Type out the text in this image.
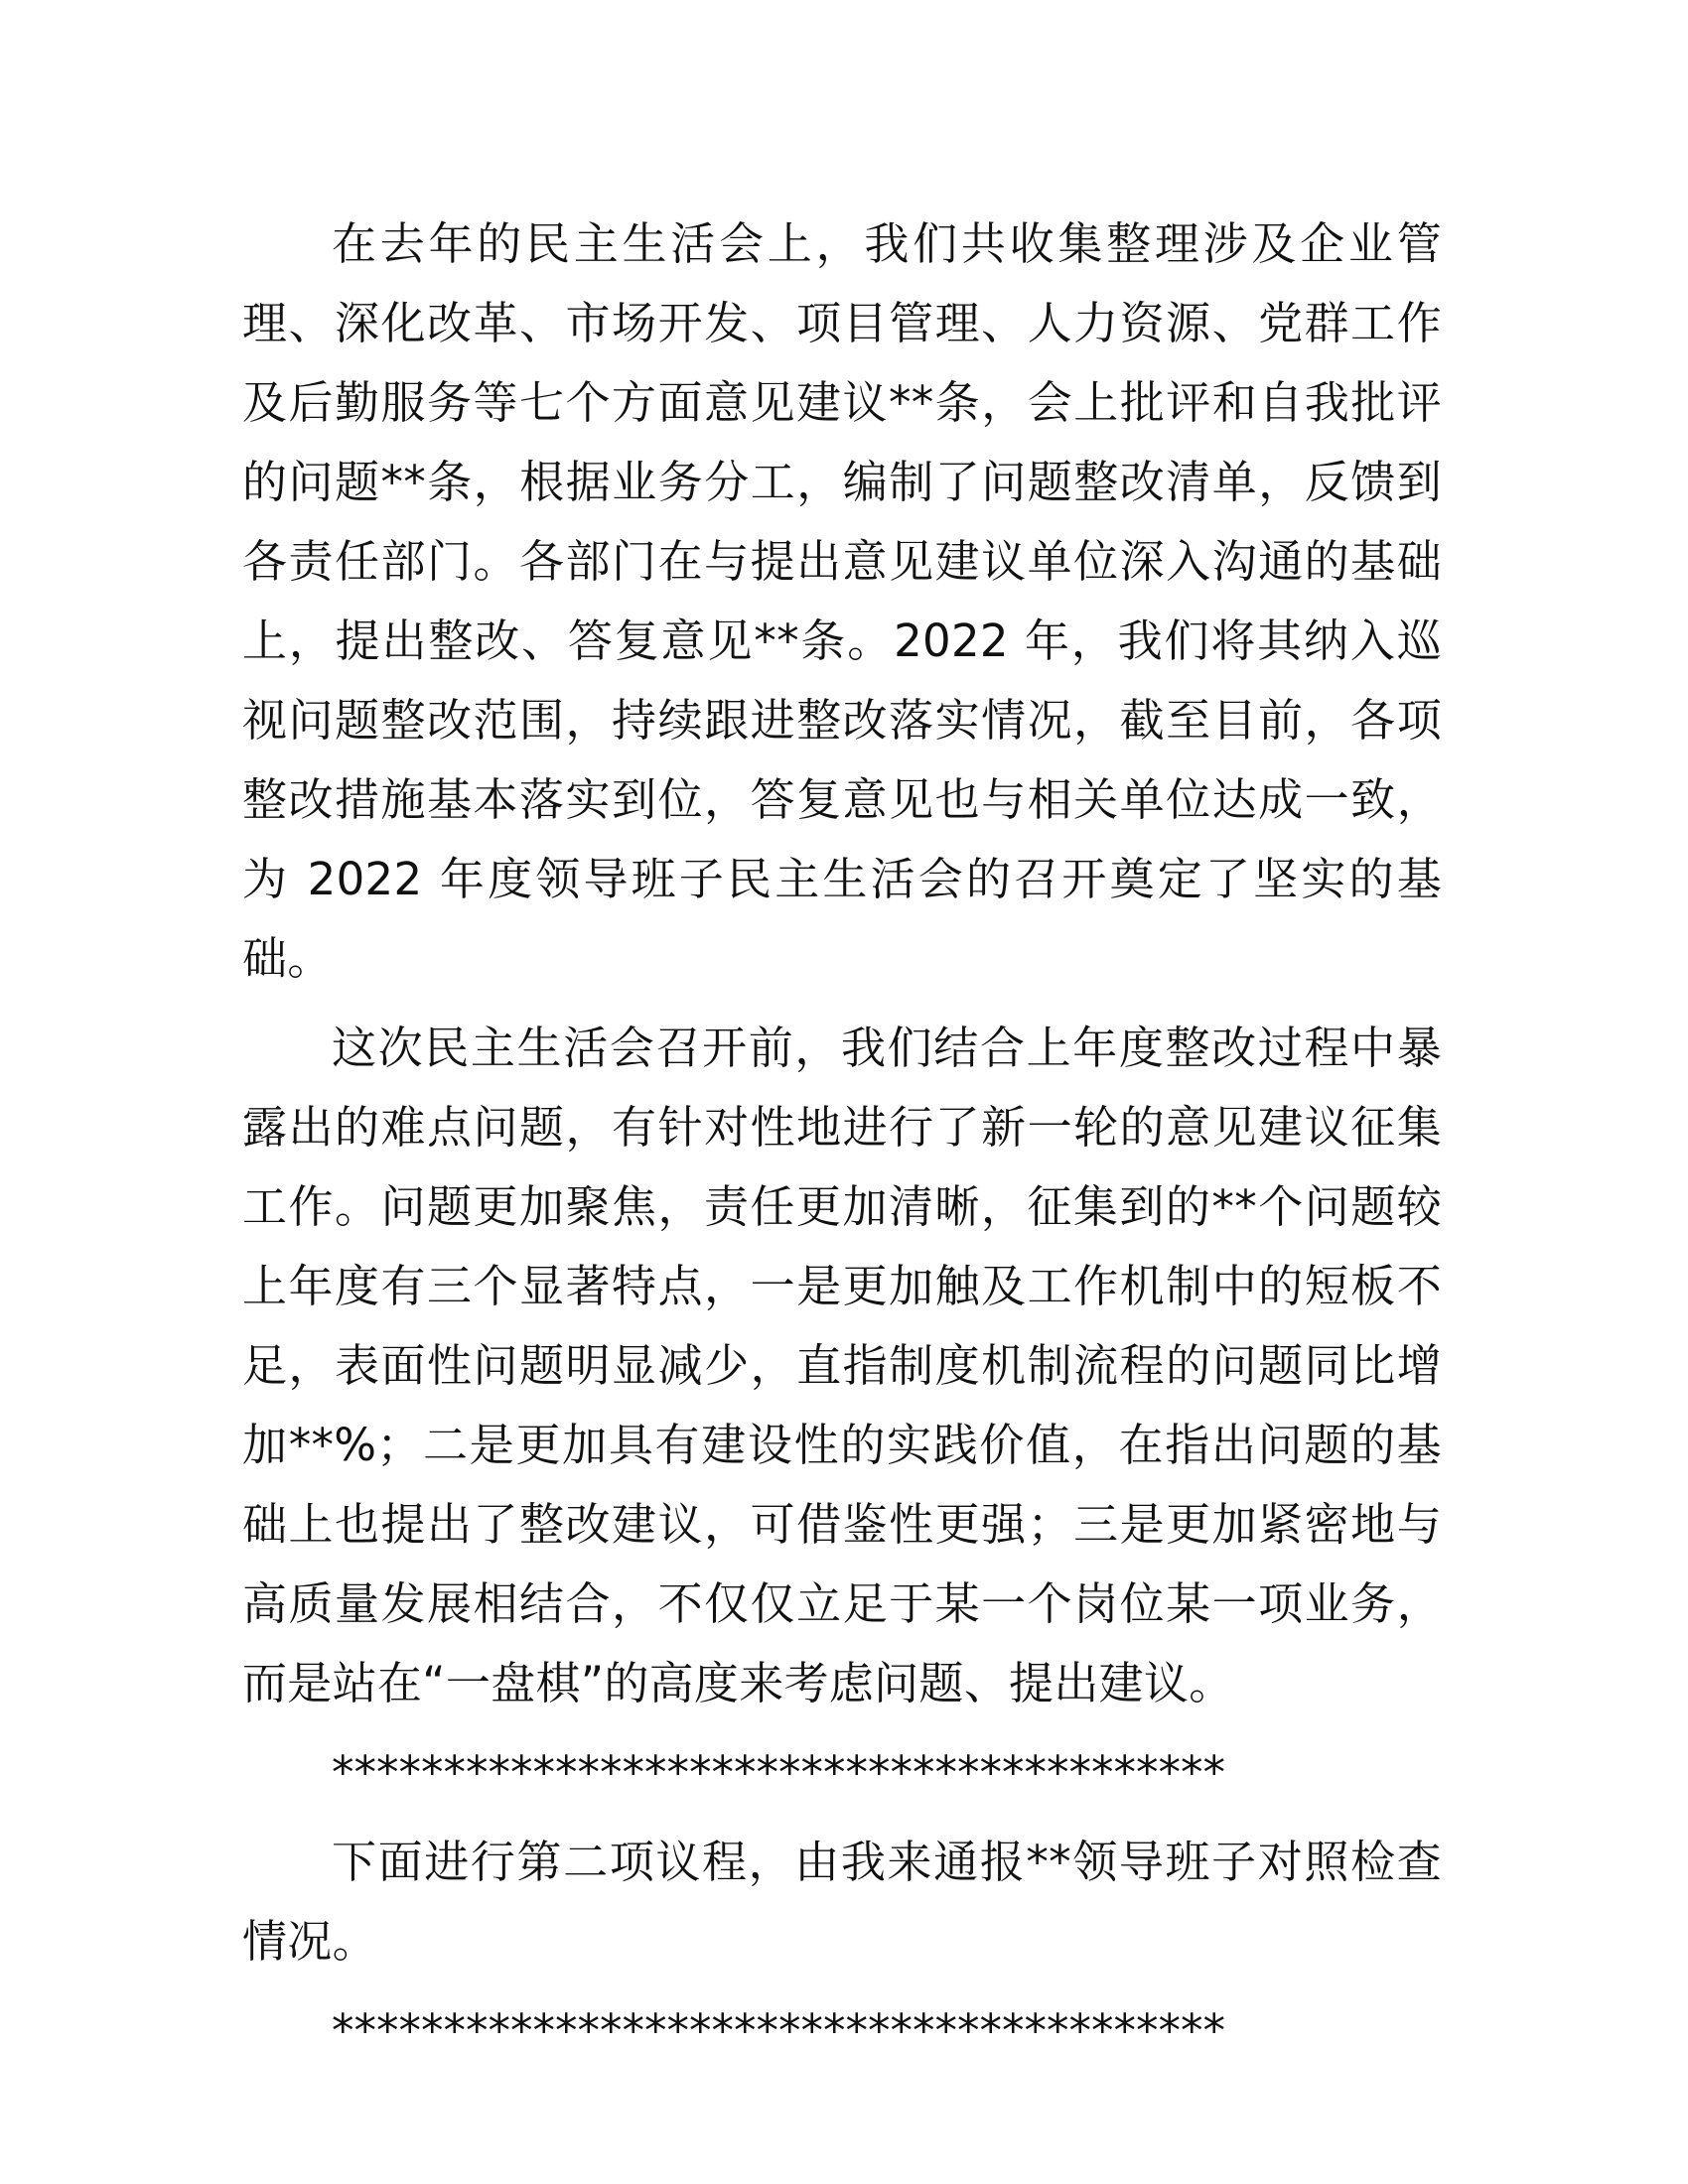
在去年的民主生活会上，我们共收集整理涉及企业管理、深化改革、市场开发、项目管理、人力资源、党群工作及后勤服务等七个方面意见建议**条，会上批评和自我批评的问题**条，根据业务分工，编制了问题整改清单，反馈到各责任部门。各部门在与提出意见建议单位深入沟通的基础上，提出整改、答复意见**条。2022 年，我们将其纳入巡视问题整改范围，持续跟进整改落实情况，截至目前，各项整改措施基本落实到位，答复意见也与相关单位达成一致，为 2022 年度领导班子民主生活会的召开奠定了坚实的基础。

这次民主生活会召开前，我们结合上年度整改过程中暴露出的难点问题，有针对性地进行了新一轮的意见建议征集工作。问题更加聚焦，责任更加清晰，征集到的**个问题较上年度有三个显著特点，一是更加触及工作机制中的短板不足，表面性问题明显减少，直指制度机制流程的问题同比增加**%；二是更加具有建设性的实践价值，在指出问题的基础上也提出了整改建议，可借鉴性更强；三是更加紧密地与高质量发展相结合，不仅仅立足于某一个岗位某一项业务，而是站在“一盘棋”的高度来考虑问题、提出建议。

****************************************

下面进行第二项议程，由我来通报**领导班子对照检查情况。

****************************************
